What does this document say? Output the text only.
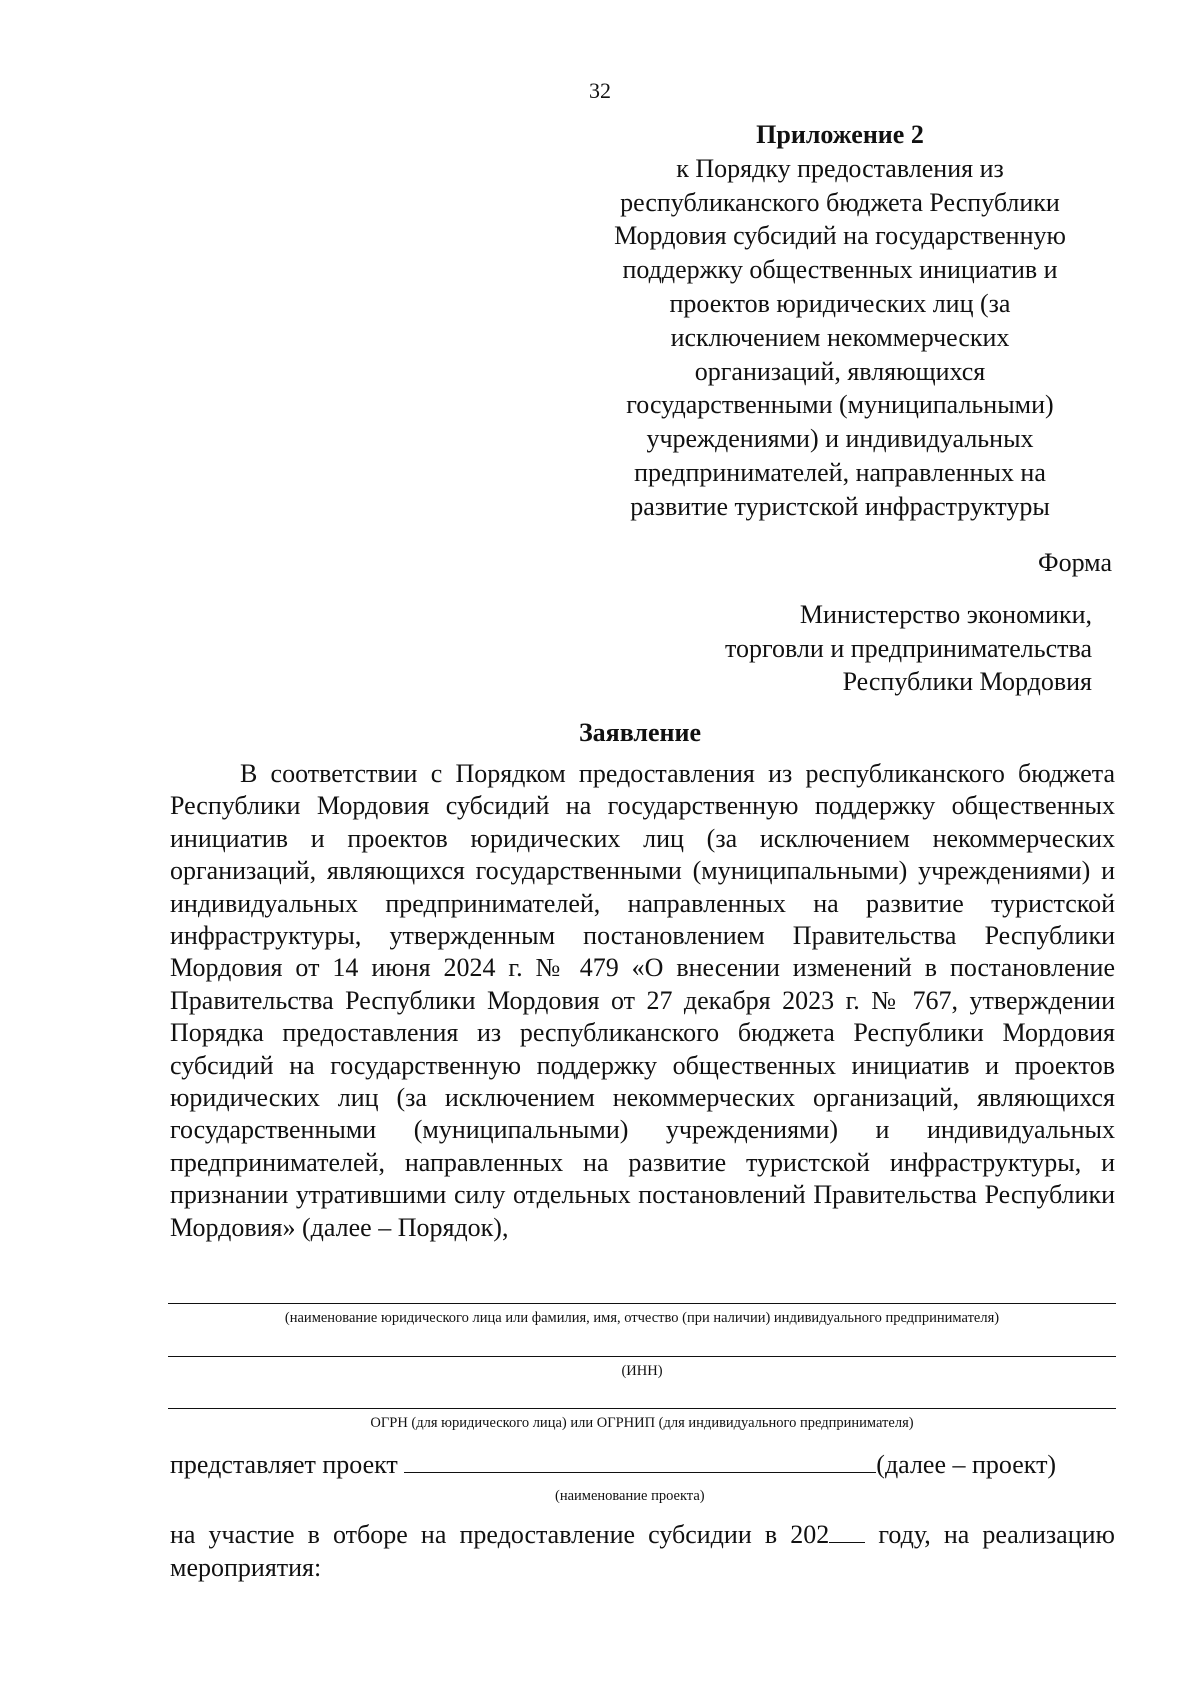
32
Приложение 2
к Порядку предоставления из
республиканского бюджета Республики
Мордовия субсидий на государственную
поддержку общественных инициатив и
проектов юридических лиц (за
исключением некоммерческих
организаций, являющихся
государственными (муниципальными)
учреждениями) и индивидуальных
предпринимателей, направленных на
развитие туристской инфраструктуры
Форма
Министерство экономики,
торговли и предпринимательства
Республики Мордовия
Заявление

В соответствии с Порядком предоставления из республиканского бюджета Республики Мордовия субсидий на государственную поддержку общественных инициатив и проектов юридических лиц (за исключением некоммерческих организаций, являющихся государственными (муниципальными) учреждениями) и индивидуальных предпринимателей, направленных на развитие туристской инфраструктуры, утвержденным постановлением Правительства Республики Мордовия от 14 июня 2024 г. № 479 «О внесении изменений в постановление Правительства Республики Мордовия от 27 декабря 2023 г. № 767, утверждении Порядка предоставления из республиканского бюджета Республики Мордовия субсидий на государственную поддержку общественных инициатив и проектов юридических лиц (за исключением некоммерческих организаций, являющихся государственными (муниципальными) учреждениями) и индивидуальных предпринимателей, направленных на развитие туристской инфраструктуры, и признании утратившими силу отдельных постановлений Правительства Республики Мордовия» (далее – Порядок),

(наименование юридического лица или фамилия, имя, отчество (при наличии) индивидуального предпринимателя)
(ИНН)
ОГРН (для юридического лица) или ОГРНИП (для индивидуального предпринимателя)
представляет проект	(далее – проект)
(наименование проекта)
на участие в отборе на предоставление субсидии в 202 году, на реализацию мероприятия:
